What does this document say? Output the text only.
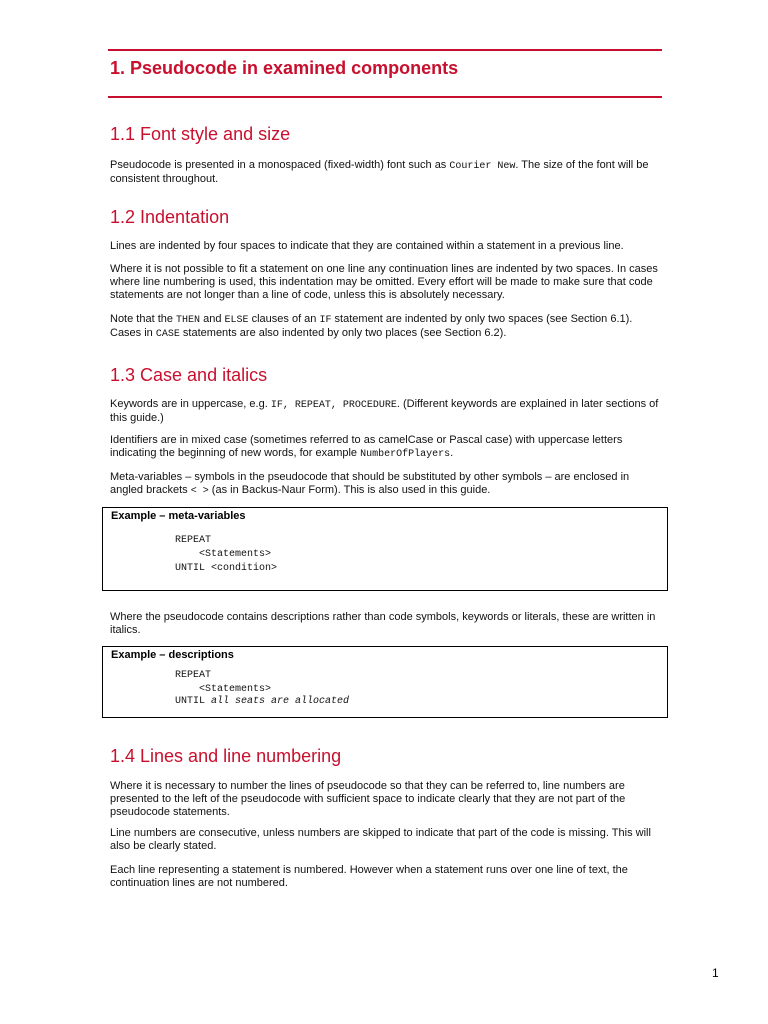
1. Pseudocode in examined components
1.1 Font style and size
Pseudocode is presented in a monospaced (fixed-width) font such as Courier New. The size of the font will be consistent throughout.
1.2 Indentation
Lines are indented by four spaces to indicate that they are contained within a statement in a previous line.
Where it is not possible to fit a statement on one line any continuation lines are indented by two spaces. In cases where line numbering is used, this indentation may be omitted. Every effort will be made to make sure that code statements are not longer than a line of code, unless this is absolutely necessary.
Note that the THEN and ELSE clauses of an IF statement are indented by only two spaces (see Section 6.1). Cases in CASE statements are also indented by only two places (see Section 6.2).
1.3 Case and italics
Keywords are in uppercase, e.g. IF, REPEAT, PROCEDURE. (Different keywords are explained in later sections of this guide.)
Identifiers are in mixed case (sometimes referred to as camelCase or Pascal case) with uppercase letters indicating the beginning of new words, for example NumberOfPlayers.
Meta-variables – symbols in the pseudocode that should be substituted by other symbols – are enclosed in angled brackets < > (as in Backus-Naur Form). This is also used in this guide.
Example – meta-variables
REPEAT
<Statements>
UNTIL <condition>
Where the pseudocode contains descriptions rather than code symbols, keywords or literals, these are written in italics.
Example – descriptions
REPEAT
<Statements>
UNTIL all seats are allocated
1.4 Lines and line numbering
Where it is necessary to number the lines of pseudocode so that they can be referred to, line numbers are presented to the left of the pseudocode with sufficient space to indicate clearly that they are not part of the pseudocode statements.
Line numbers are consecutive, unless numbers are skipped to indicate that part of the code is missing. This will also be clearly stated.
Each line representing a statement is numbered. However when a statement runs over one line of text, the continuation lines are not numbered.
1
